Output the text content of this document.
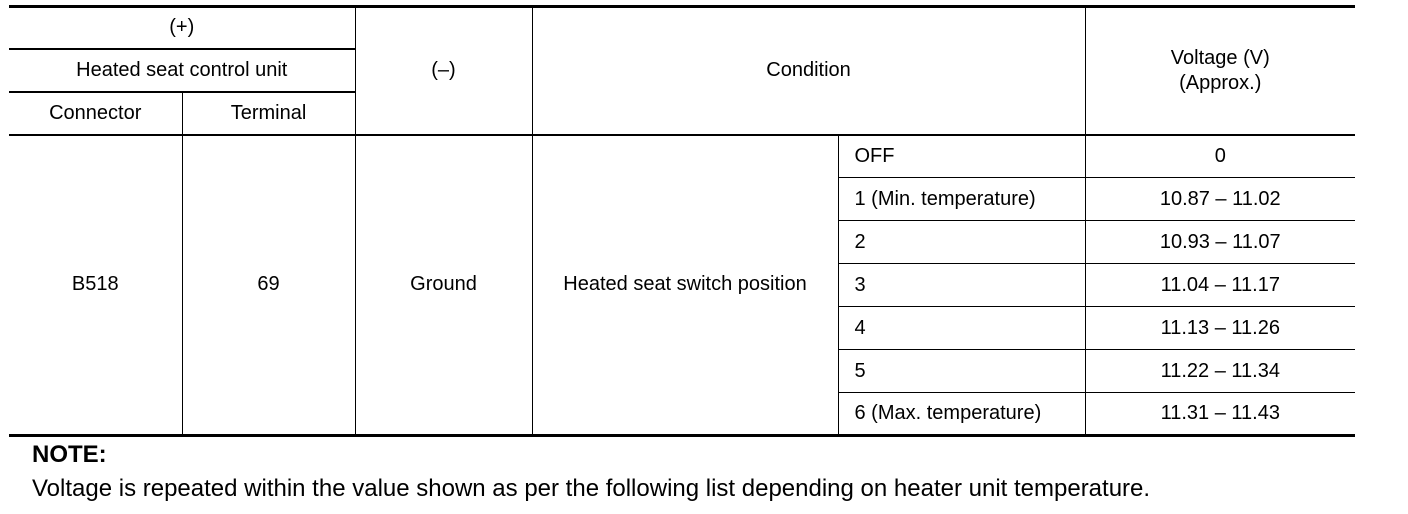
(+)		(–)	Condition		Voltage (V)
(Approx.)

Heated seat control unit					
Connector	Terminal				
B518	69	Ground	Heated seat switch position	OFF	0
				1 (Min. temperature)	10.87 – 11.02
				2	10.93 – 11.07
				3	11.04 – 11.17
				4	11.13 – 11.26
				5	11.22 – 11.34
				6 (Max. temperature)	11.31 – 11.43
NOTE:
Voltage is repeated within the value shown as per the following list depending on heater unit temperature.
